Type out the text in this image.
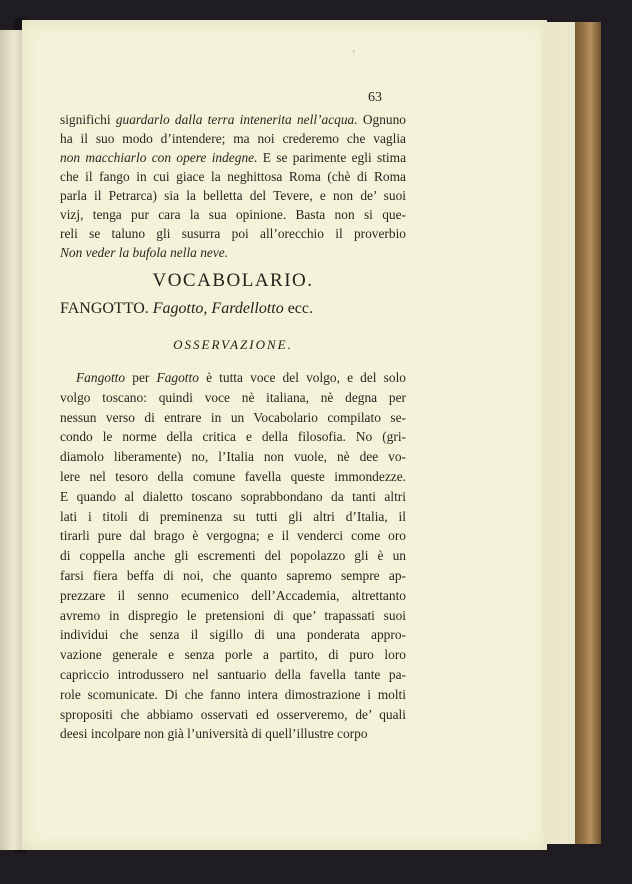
ʿ
63
significhi guardarlo dalla terra intenerita nell’acqua. Ognuno
ha il suo modo d’intendere; ma noi crederemo che vaglia
non macchiarlo con opere indegne. E se parimente egli stima
che il fango in cui giace la neghittosa Roma (chè di Roma
parla il Petrarca) sia la belletta del Tevere, e non de’ suoi
vizj, tenga pur cara la sua opinione. Basta non si que-
reli se taluno gli susurra poi all’orecchio il proverbio
Non veder la bufola nella neve.
VOCABOLARIO.
FANGOTTO. Fagotto, Fardellotto ecc.
OSSERVAZIONE.
Fangotto per Fagotto è tutta voce del volgo, e del solo
volgo toscano: quindi voce nè italiana, nè degna per
nessun verso di entrare in un Vocabolario compilato se-
condo le norme della critica e della filosofia. No (gri-
diamolo liberamente) no, l’Italia non vuole, nè dee vo-
lere nel tesoro della comune favella queste immondezze.
E quando al dialetto toscano soprabbondano da tanti altri
lati i titoli di preminenza su tutti gli altri d’Italia, il
tirarli pure dal brago è vergogna; e il venderci come oro
di coppella anche gli escrementi del popolazzo gli è un
farsi fiera beffa di noi, che quanto sapremo sempre ap-
prezzare il senno ecumenico dell’Accademia, altrettanto
avremo in dispregio le pretensioni di que’ trapassati suoi
individui che senza il sigillo di una ponderata appro-
vazione generale e senza porle a partito, di puro loro
capriccio introdussero nel santuario della favella tante pa-
role scomunicate. Di che fanno intera dimostrazione i molti
spropositi che abbiamo osservati ed osserveremo, de’ quali
deesi incolpare non già l’università di quell’illustre corpo
